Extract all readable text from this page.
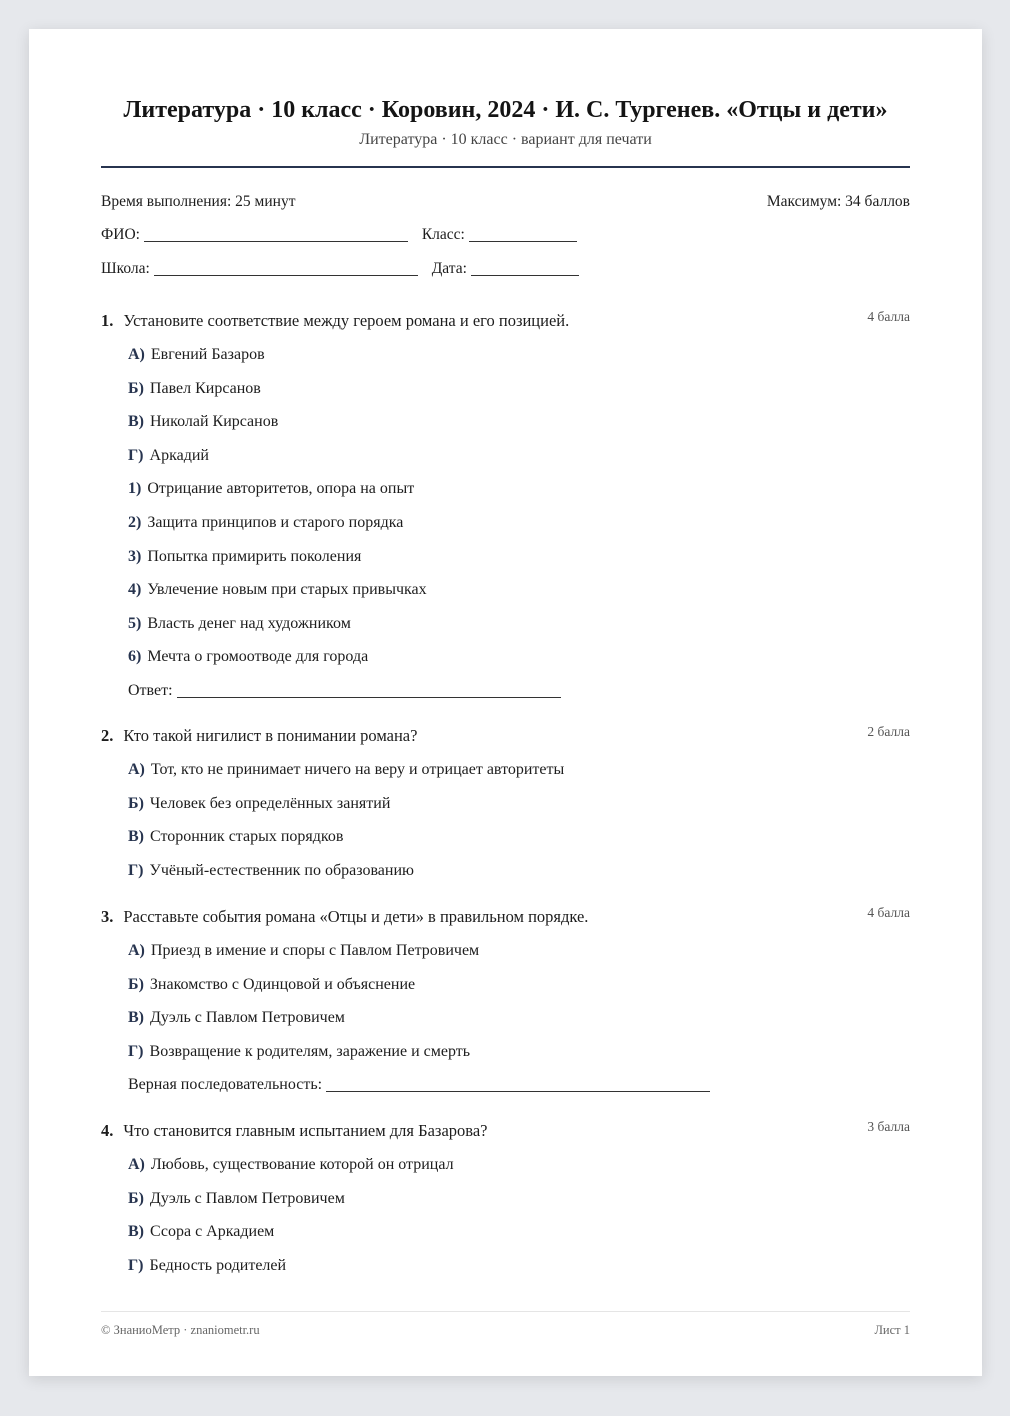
Литература · 10 класс · Коровин, 2024 · И. С. Тургенев. «Отцы и дети»
Литература · 10 класс · вариант для печати
Время выполнения: 25 минут	Максимум: 34 баллов
ФИО:	Класс:
Школа:	Дата:
1. Установите соответствие между героем романа и его позицией.	4 балла
А) Евгений Базаров
Б) Павел Кирсанов
В) Николай Кирсанов
Г) Аркадий
1) Отрицание авторитетов, опора на опыт
2) Защита принципов и старого порядка
3) Попытка примирить поколения
4) Увлечение новым при старых привычках
5) Власть денег над художником
6) Мечта о громоотводе для города
Ответ:
2. Кто такой нигилист в понимании романа?	2 балла
А) Тот, кто не принимает ничего на веру и отрицает авторитеты
Б) Человек без определённых занятий
В) Сторонник старых порядков
Г) Учёный-естественник по образованию
3. Расставьте события романа «Отцы и дети» в правильном порядке.	4 балла
А) Приезд в имение и споры с Павлом Петровичем
Б) Знакомство с Одинцовой и объяснение
В) Дуэль с Павлом Петровичем
Г) Возвращение к родителям, заражение и смерть
Верная последовательность:
4. Что становится главным испытанием для Базарова?	3 балла
А) Любовь, существование которой он отрицал
Б) Дуэль с Павлом Петровичем
В) Ссора с Аркадием
Г) Бедность родителей
© ЗнаниоМетр · znaniometr.ru	Лист 1
